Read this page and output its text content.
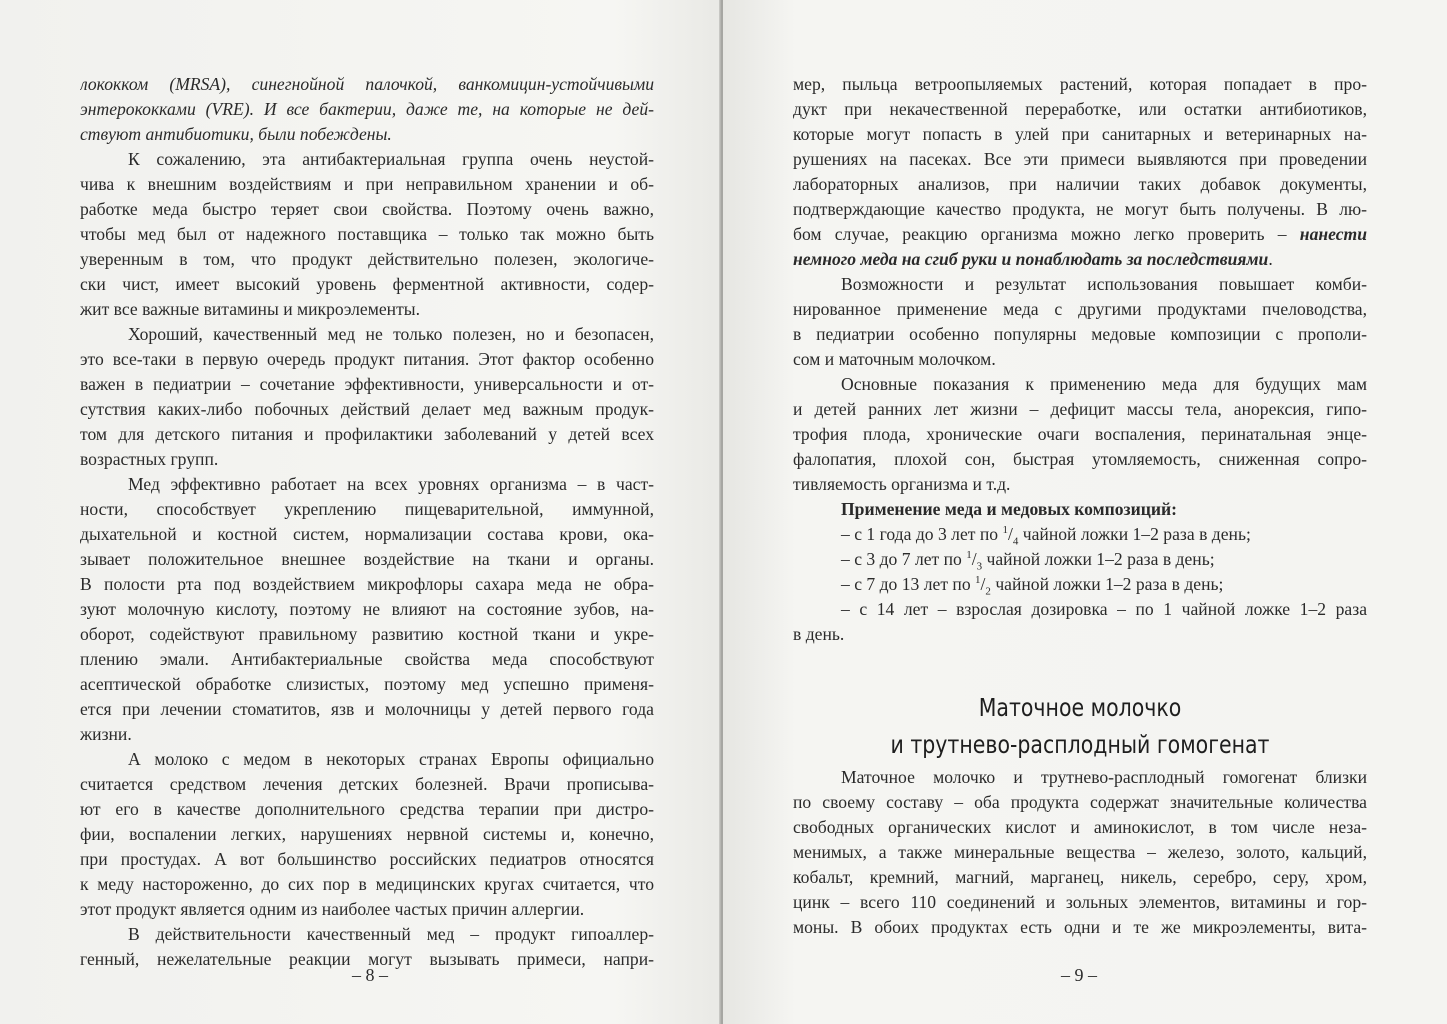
лококком (MRSA), синегнойной палочкой, ванкомицин-устойчивыми
энтерококками (VRE). И все бактерии, даже те, на которые не дей-
ствуют антибиотики, были побеждены.
К сожалению, эта антибактериальная группа очень неустой-
чива к внешним воздействиям и при неправильном хранении и об-
работке меда быстро теряет свои свойства. Поэтому очень важно,
чтобы мед был от надежного поставщика – только так можно быть
уверенным в том, что продукт действительно полезен, экологиче-
ски чист, имеет высокий уровень ферментной активности, содер-
жит все важные витамины и микроэлементы.
Хороший, качественный мед не только полезен, но и безопасен,
это все-таки в первую очередь продукт питания. Этот фактор особенно
важен в педиатрии – сочетание эффективности, универсальности и от-
сутствия каких-либо побочных действий делает мед важным продук-
том для детского питания и профилактики заболеваний у детей всех
возрастных групп.
Мед эффективно работает на всех уровнях организма – в част-
ности, способствует укреплению пищеварительной, иммунной,
дыхательной и костной систем, нормализации состава крови, ока-
зывает положительное внешнее воздействие на ткани и органы.
В полости рта под воздействием микрофлоры сахара меда не обра-
зуют молочную кислоту, поэтому не влияют на состояние зубов, на-
оборот, содействуют правильному развитию костной ткани и укре-
плению эмали. Антибактериальные свойства меда способствуют
асептической обработке слизистых, поэтому мед успешно применя-
ется при лечении стоматитов, язв и молочницы у детей первого года
жизни.
А молоко с медом в некоторых странах Европы официально
считается средством лечения детских болезней. Врачи прописыва-
ют его в качестве дополнительного средства терапии при дистро-
фии, воспалении легких, нарушениях нервной системы и, конечно,
при простудах. А вот большинство российских педиатров относятся
к меду настороженно, до сих пор в медицинских кругах считается, что
этот продукт является одним из наиболее частых причин аллергии.
В действительности качественный мед – продукт гипоаллер-
генный, нежелательные реакции могут вызывать примеси, напри-
– 8 –
мер, пыльца ветроопыляемых растений, которая попадает в про-
дукт при некачественной переработке, или остатки антибиотиков,
которые могут попасть в улей при санитарных и ветеринарных на-
рушениях на пасеках. Все эти примеси выявляются при проведении
лабораторных анализов, при наличии таких добавок документы,
подтверждающие качество продукта, не могут быть получены. В лю-
бом случае, реакцию организма можно легко проверить – нанести
немного меда на сгиб руки и понаблюдать за последствиями.
Возможности и результат использования повышает комби-
нированное применение меда с другими продуктами пчеловодства,
в педиатрии особенно популярны медовые композиции с прополи-
сом и маточным молочком.
Основные показания к применению меда для будущих мам
и детей ранних лет жизни – дефицит массы тела, анорексия, гипо-
трофия плода, хронические очаги воспаления, перинатальная энце-
фалопатия, плохой сон, быстрая утомляемость, сниженная сопро-
тивляемость организма и т.д.
Применение меда и медовых композиций:
– с 1 года до 3 лет по $^1/_4$ чайной ложки 1–2 раза в день;
– с 3 до 7 лет по $^1/_3$ чайной ложки 1–2 раза в день;
– с 7 до 13 лет по $^1/_2$ чайной ложки 1–2 раза в день;
– с 14 лет – взрослая дозировка – по 1 чайной ложке 1–2 раза
в день.
Маточное молочко
и трутнево-расплодный гомогенат
Маточное молочко и трутнево-расплодный гомогенат близки
по своему составу – оба продукта содержат значительные количества
свободных органических кислот и аминокислот, в том числе неза-
менимых, а также минеральные вещества – железо, золото, кальций,
кобальт, кремний, магний, марганец, никель, серебро, серу, хром,
цинк – всего 110 соединений и зольных элементов, витамины и гор-
моны. В обоих продуктах есть одни и те же микроэлементы, вита-
– 9 –
